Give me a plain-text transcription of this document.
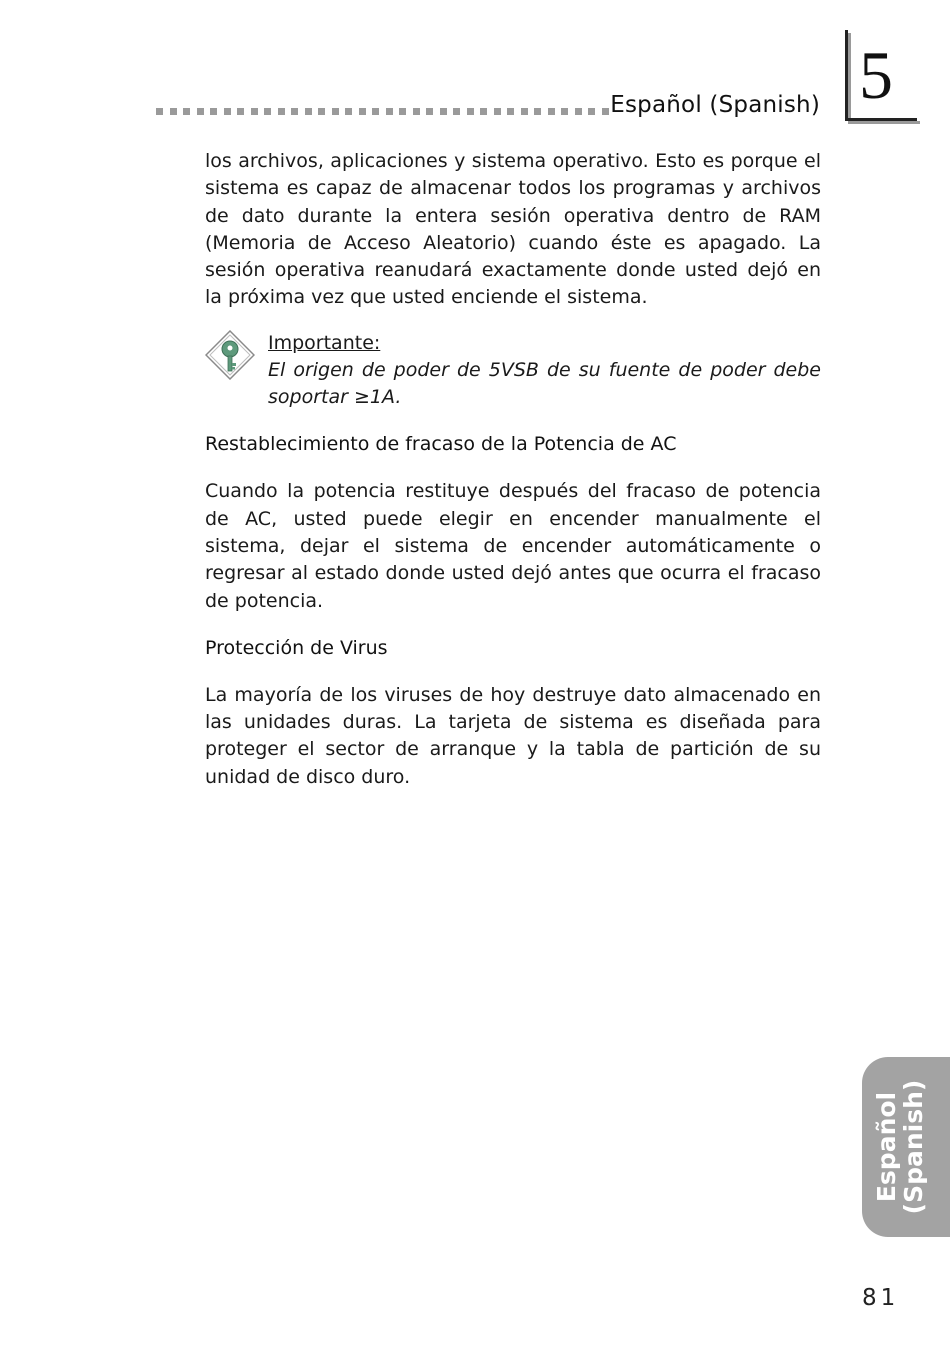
Español (Spanish) 5

los archivos, aplicaciones y sistema operativo. Esto es porque el sistema es capaz de almacenar todos los programas y archivos de dato durante la entera sesión operativa dentro de RAM (Memoria de Acceso Aleatorio) cuando éste es apagado. La sesión operativa reanudará exactamente donde usted dejó en la próxima vez que usted enciende el sistema.

Importante:

El origen de poder de 5VSB de su fuente de poder debe soportar ≥1A.

Restablecimiento de fracaso de la Potencia de AC

Cuando la potencia restituye después del fracaso de potencia de AC, usted puede elegir en encender manualmente el sistema, dejar el sistema de encender automáticamente o regresar al estado donde usted dejó antes que ocurra el fracaso de potencia.

Protección de Virus

La mayoría de los viruses de hoy destruye dato almacenado en las unidades duras. La tarjeta de sistema es diseñada para proteger el sector de arranque y la tabla de partición de su unidad de disco duro.

Español
(Spanish)
81
